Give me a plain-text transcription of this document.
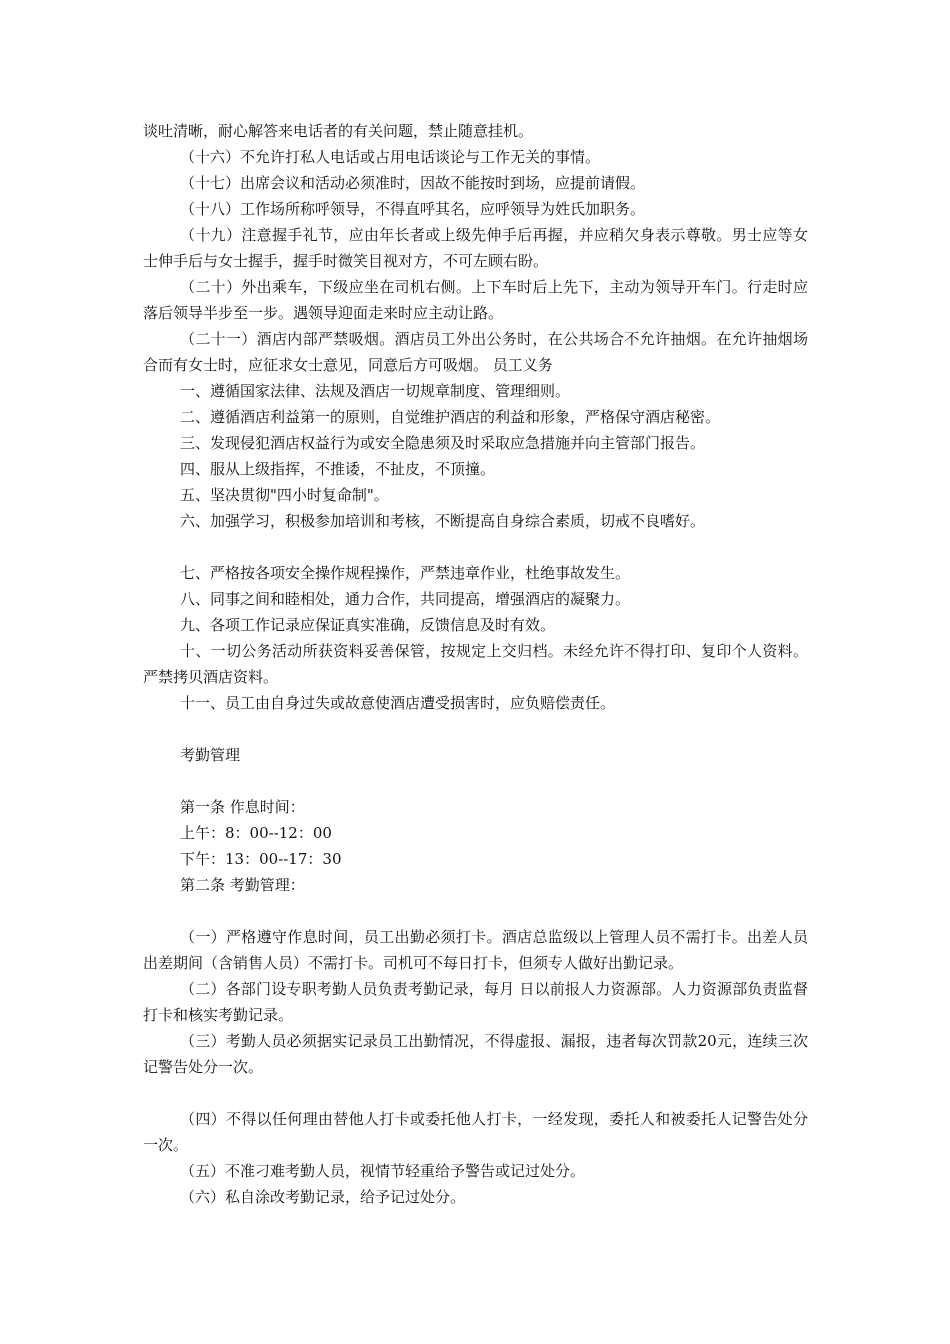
谈吐清晰，耐心解答来电话者的有关问题，禁止随意挂机。

（十六）不允许打私人电话或占用电话谈论与工作无关的事情。

（十七）出席会议和活动必须准时，因故不能按时到场，应提前请假。

（十八）工作场所称呼领导，不得直呼其名，应呼领导为姓氏加职务。

（十九）注意握手礼节，应由年长者或上级先伸手后再握，并应稍欠身表示尊敬。男士应等女士伸手后与女士握手，握手时微笑目视对方，不可左顾右盼。

（二十）外出乘车，下级应坐在司机右侧。上下车时后上先下，主动为领导开车门。行走时应落后领导半步至一步。遇领导迎面走来时应主动让路。

（二十一）酒店内部严禁吸烟。酒店员工外出公务时，在公共场合不允许抽烟。在允许抽烟场合而有女士时，应征求女士意见，同意后方可吸烟。 员工义务

一、遵循国家法律、法规及酒店一切规章制度、管理细则。

二、遵循酒店利益第一的原则，自觉维护酒店的利益和形象，严格保守酒店秘密。

三、发现侵犯酒店权益行为或安全隐患须及时采取应急措施并向主管部门报告。

四、服从上级指挥，不推诿，不扯皮，不顶撞。

五、坚决贯彻"四小时复命制"。

六、加强学习，积极参加培训和考核，不断提高自身综合素质，切戒不良嗜好。

七、严格按各项安全操作规程操作，严禁违章作业，杜绝事故发生。

八、同事之间和睦相处，通力合作，共同提高，增强酒店的凝聚力。

九、各项工作记录应保证真实准确，反馈信息及时有效。

十、一切公务活动所获资料妥善保管，按规定上交归档。未经允许不得打印、复印个人资料。严禁拷贝酒店资料。

十一、员工由自身过失或故意使酒店遭受损害时，应负赔偿责任。

考勤管理

第一条 作息时间：

上午：8：00--12：00

下午：13：00--17：30

第二条 考勤管理：

（一）严格遵守作息时间，员工出勤必须打卡。酒店总监级以上管理人员不需打卡。出差人员出差期间（含销售人员）不需打卡。司机可不每日打卡，但须专人做好出勤记录。

（二）各部门设专职考勤人员负责考勤记录，每月 日以前报人力资源部。人力资源部负责监督打卡和核实考勤记录。

（三）考勤人员必须据实记录员工出勤情况，不得虚报、漏报，违者每次罚款20元，连续三次记警告处分一次。

（四）不得以任何理由替他人打卡或委托他人打卡，一经发现，委托人和被委托人记警告处分一次。

（五）不准刁难考勤人员，视情节轻重给予警告或记过处分。

（六）私自涂改考勤记录，给予记过处分。
